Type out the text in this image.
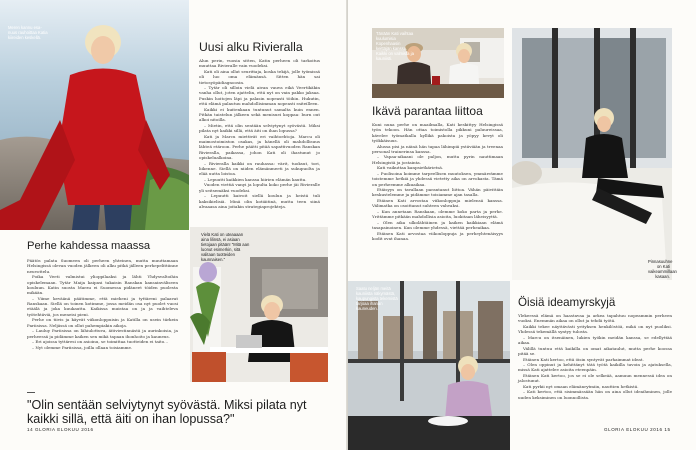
Meren kannu esa- nuus rauhoittaa Katia kiireiden keskellä.
Uusi alku Rivieralla

Alun perin, vuosia sitten, Katin perheen oli tarkoitus muuttaa Rivieralle vain vuodeksi.

Kati oli aina ollut seurittaja, koska tekijä, jolle työmissä oli luo oma elämänsä. Sitten hän sai tietosyöpädiagnoosin.

– Tytär oli silloin vielä aivan vauva eikä Veertikäkin vanha ollut, joten ajattelin, että nyt on vain pakko jaksaa. Puskin hoitojen läpi ja palasin nopeasti töihin. Hukutin, että elämä palautuu mahdollisimman nopeasti raiteilleen.

Kaikki ei kuitenkaan tuntunut samalta kuin ennen. Pitkän taistelun jälkeen sekä menisuei koppaa: burn out alkoi nitoilla.

– Mietin, että olin sentään selviytynyt syövästä. Miksi pilata nyt kaikki sillä, että äiti on ihan lopussa?

Kati ja Marcu miettivät eri vaihtoehtoja. Marcu oli maimostoimiston osakas, ja hänellä oli mahdollisuus lähteä etäroon. Perhe päätti pitää sapattivuoden Ranskan Rivieralla, paikassa, johon Kati oli ihastunut jo opiskelualkoina.

– Rivieralla kaikki on rauhassa: värit, tuoksut, tori, liikenne. Siellä on niiden elämänmeeti ja sukupuolta ja elää uutta loistoa.

– Lepuutti kaikkien kanssa hiirien elämän kautta.

Vuoden viettiä vanyi ja lopulta koko perhe jäi Rivieralle yli seitsemäksi vuodeksi.

– Lepuutti kaivoit siellä koulun ja heistä tuli kaksikielisiä. Minä olin kotiäitinä, mutta teen siinä alvaaasa aina joitakin strategiaprojekteja.

Perhe kahdessa maassa

Päätös palata Suomeen oli perheen yhteinen, mutta muuttamaan Helsingissä olevan vuoden jälkeen oli alku pitkä jälleen perhepelittiinne neuvottelu.

Poika Veeti valmistui ylioppilaaksi ja lähti Yhdysvaltoihin opiskelemaan. Tytär Maija kaipasi takaisin Ranskan kansainväliseen kouluun. Katin suosta Marzu ei Suomessa pidäneet töiden puolesta mikään.

– Viime keväänä päätimme, että mieheni ja tyttäreni palaavat Ranskaan. Siellä on toinen kotimme, jossa meidän osa nyt puolet vuosi etäälä ja joka kuukautta. Kaikissa muistaa on ja ja vaihteleva työtehtäviä, jos meneisi pieni.

Perhe on tiivis ja käyvät viikonloppuisin ja Katilla on usein tärkein Pariisissa. Neljässä on ollut pahempiakin aikoja.

– Lauluy Pariisissa on lähiulottuva, äitiviestinnästä ja aurinkoisia, ja perheessä ja pidämme kaiken sen mikä tapaan ihonhoito ja kauneus.

– Eri ajoissa tyttäresi on asioinu, se toimittaa tuotteiden ei taito...

– Nyt olemme Pariisissa, joilla ollaan toisiamme.

Vielä Kati on uteaaaan aina lilinsä, ei asiaan tietojaan pitään! "Mitä aan luonut esimerkin, sitä valitaan tuotteiden kaunnaisen."
"Olin sentään selviytynyt syövästä. Miksi pilata nyt kaikki sillä, että äiti on ihan lopussa?"
14 GLORIA ELOKUU 2016
Tänään Kati vaihtaa kuulumisia Kopenhaasin keittäjän kanssa. Kaikki on valmista ja kauniisti.
Ikävä parantaa liittoa

Kuni nuna perhe on maailmalla, Kati keskittyy Helsingissä työn tekoon. Hän ottaa toimistolla pikkuni paluureissaa, kävelee työmatkalla kyllikä pakoista ja yöpyy kevyt oli työkkäisuus.

Alussa pisi ja näinä hän tapaa lähimpiä ystäviään ja treenaa personal trainerinsa kanssa.

– Vapaa-aikaani ole paljon, mutta pyrin nauttimaan Helsingistä ja jostainta.

Kati vaikuttaa kanpsietkärietsä.

– Puolisoina koimme tarpeellisen muutoksen, ymmärrämme toistemme hetkiä ja yhdessä vietetty aika on arvokasta. Tämä on perheemme alkuaikaa.

Etäisyys on tavallaan parantanut liittoa. Vähän päivittäin keskustelemme ja pidämme toisiamme ajan tasalla.

Etäinen Kati arvostaa viikonloppuja mielensä kanssa. Välimatka on osoittanut suhteen vahvaksi.

– Kun annetaan Ranskaan, olemme koko parta ja perhe. Yrittämme pitkään mahdollisia asioita, luokitaan läheisyyttä.

– Olen aika ulkolähtäinen ja kaiken kaikkiaan elämä tasapainoinen. Kun olemme yhdessä, viettää perheaikaa.

Etäinen Kati arvostaa viikonloppuja ja perheyhtenäisyys kodit ovat ihanaa.

Pinnasuuhne on Kati vaikeammillaan kasaan.
Saatu neljän meitä kauniista näkymästä, kaupungista tekemistä tarjoaa ihanan kauneuden.	Öisiä ideamyrskyjä

Ylekeessä elämä on haastavaa ja arkea tapahtuu nopeammin perheen vuoksi. Enemmän aikaa on ollut ja tehdä työtä.

Kaikki tekee näyttävästi yrityksen henkilöstöä, mikä on nyt puoliksi. Yhdessä tekemällä syntyy tulosta.

– Marcu on itsenäinen, lukien työkin meidän kanssa, se edellyttää aikaa.

Välillä tuntuu että kaikilla on omat aikataulut, mutta perhe koossa pitää se.

Etäinen Kati kertoo, että öisin syntyvät parhaimmat ideat.

– Olen oppinut ja kehittänyt tätä työtä kaikilla tavoin ja ajatuksella, missä Kati ajattelee asioita eteenpäin.

Etäinen Kati kertoo, jos se ei ole selkeää, aamuun mennessä idea on jalostunut.

Kati pyrkii nyt omaan elämänrytmiin, nauttien hetkistä.

– Kati kertoo, että sisimmässään hän on aina ollut ideaihminen, jolle uuden keksiminen on luonnollista.

GLORIA ELOKUU 2016 15
